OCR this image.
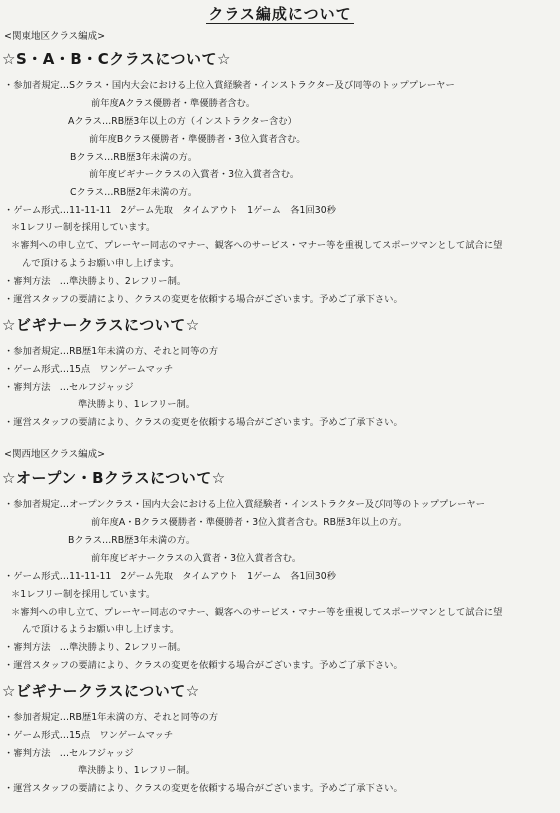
クラス編成について
<関東地区クラス編成>
☆S・A・B・Cクラスについて☆
・参加者規定…Sクラス・国内大会における上位入賞経験者・インストラクター及び同等のトッププレーヤー
前年度Aクラス優勝者・準優勝者含む。
Aクラス…RB歴3年以上の方（インストラクター含む）
前年度Bクラス優勝者・準優勝者・3位入賞者含む。
Bクラス…RB歴3年未満の方。
前年度ビギナークラスの入賞者・3位入賞者含む。
Cクラス…RB歴2年未満の方。
・ゲーム形式…11-11-11　2ゲーム先取　タイムアウト　1ゲーム　各1回30秒
＊1レフリー制を採用しています。
＊審判への申し立て、プレーヤー同志のマナー、観客へのサービス・マナー等を重視してスポーツマンとして試合に望
んで頂けるようお願い申し上げます。
・審判方法　…準決勝より、2レフリー制。
・運営スタッフの要請により、クラスの変更を依頼する場合がございます。予めご了承下さい。
☆ビギナークラスについて☆
・参加者規定…RB歴1年未満の方、それと同等の方
・ゲーム形式…15点　ワンゲームマッチ
・審判方法　…セルフジャッジ
準決勝より、1レフリー制。
・運営スタッフの要請により、クラスの変更を依頼する場合がございます。予めご了承下さい。
<関西地区クラス編成>
☆オープン・Bクラスについて☆
・参加者規定…オープンクラス・国内大会における上位入賞経験者・インストラクター及び同等のトッププレーヤー
前年度A・Bクラス優勝者・準優勝者・3位入賞者含む。RB歴3年以上の方。
Bクラス…RB歴3年未満の方。
前年度ビギナークラスの入賞者・3位入賞者含む。
・ゲーム形式…11-11-11　2ゲーム先取　タイムアウト　1ゲーム　各1回30秒
＊1レフリー制を採用しています。
＊審判への申し立て、プレーヤー同志のマナー、観客へのサービス・マナー等を重視してスポーツマンとして試合に望
んで頂けるようお願い申し上げます。
・審判方法　…準決勝より、2レフリー制。
・運営スタッフの要請により、クラスの変更を依頼する場合がございます。予めご了承下さい。
☆ビギナークラスについて☆
・参加者規定…RB歴1年未満の方、それと同等の方
・ゲーム形式…15点　ワンゲームマッチ
・審判方法　…セルフジャッジ
準決勝より、1レフリー制。
・運営スタッフの要請により、クラスの変更を依頼する場合がございます。予めご了承下さい。
